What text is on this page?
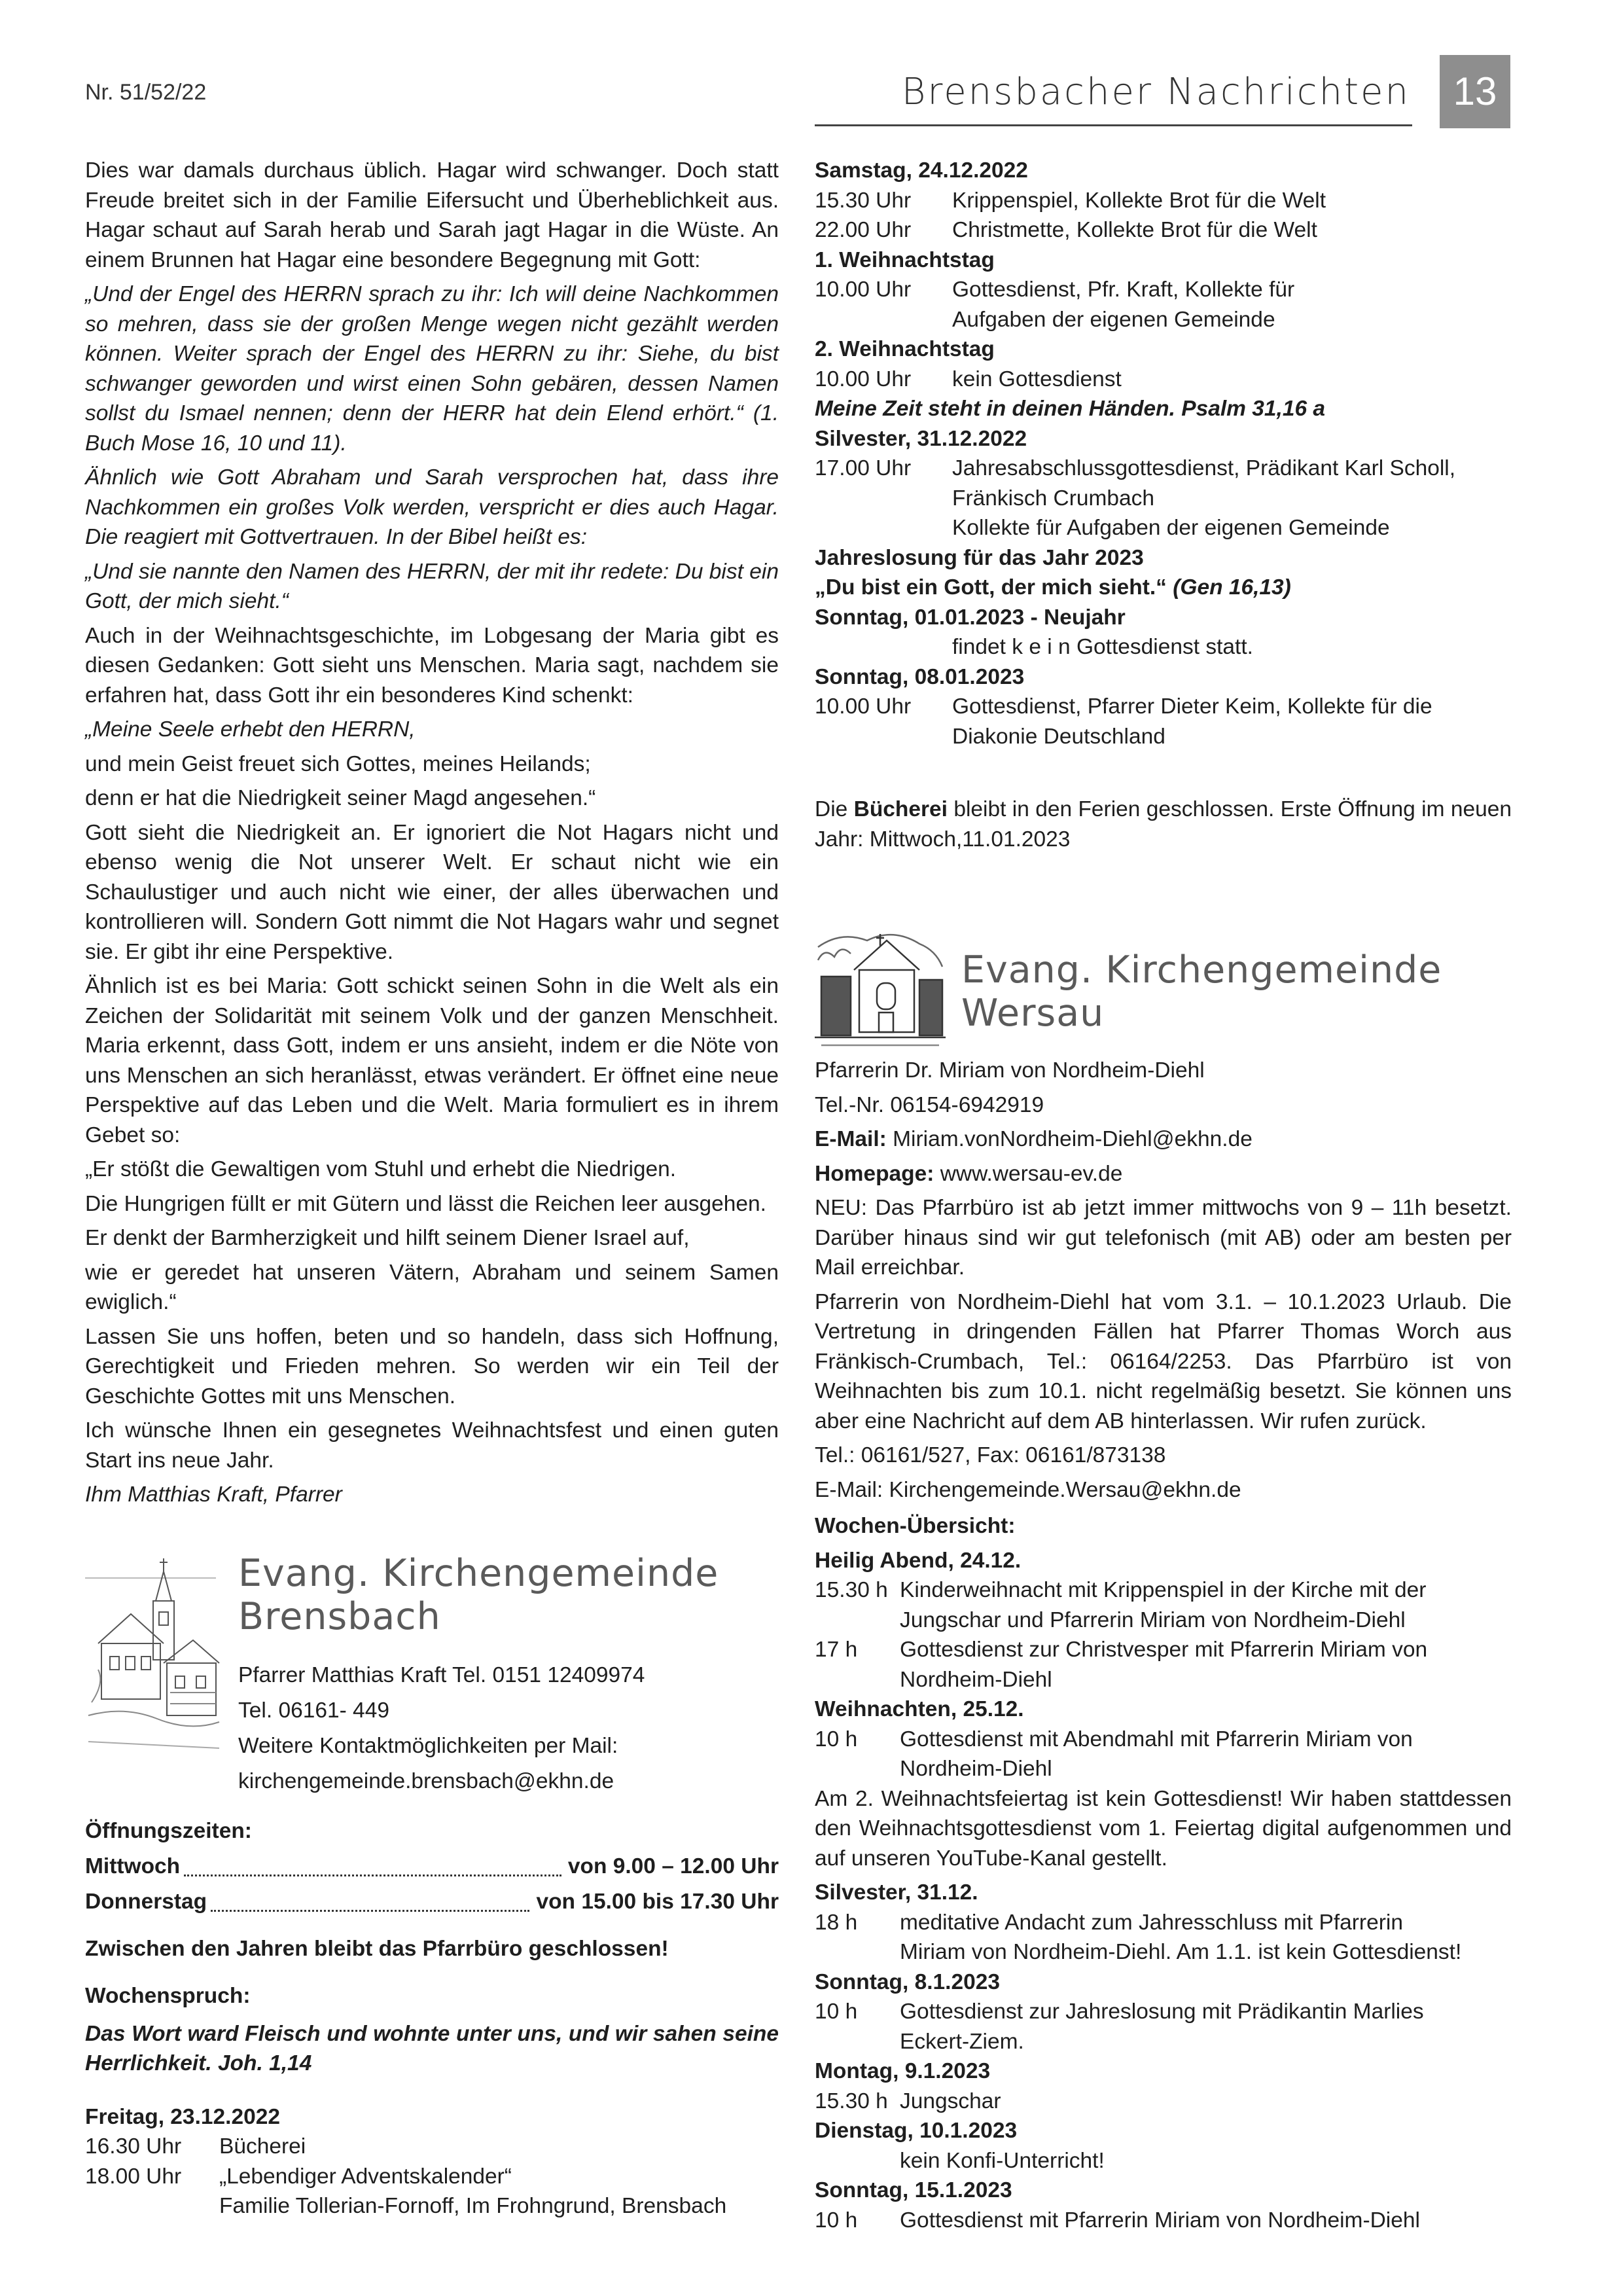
Nr. 51/52/22	Brensbacher Nachrichten	13

Dies war damals durchaus üblich. Hagar wird schwanger. Doch statt Freude breitet sich in der Familie Eifersucht und Überheblichkeit aus. Hagar schaut auf Sarah herab und Sarah jagt Hagar in die Wüste. An einem Brunnen hat Hagar eine besondere Begegnung mit Gott:

„Und der Engel des HERRN sprach zu ihr: Ich will deine Nachkommen so mehren, dass sie der großen Menge wegen nicht gezählt werden können. Weiter sprach der Engel des HERRN zu ihr: Siehe, du bist schwanger geworden und wirst einen Sohn gebären, dessen Namen sollst du Ismael nennen; denn der HERR hat dein Elend erhört.“ (1. Buch Mose 16, 10 und 11).

Ähnlich wie Gott Abraham und Sarah versprochen hat, dass ihre Nachkommen ein großes Volk werden, verspricht er dies auch Hagar. Die reagiert mit Gottvertrauen. In der Bibel heißt es:

„Und sie nannte den Namen des HERRN, der mit ihr redete: Du bist ein Gott, der mich sieht.“

Auch in der Weihnachtsgeschichte, im Lobgesang der Maria gibt es diesen Gedanken: Gott sieht uns Menschen. Maria sagt, nachdem sie erfahren hat, dass Gott ihr ein besonderes Kind schenkt:

„Meine Seele erhebt den HERRN,

und mein Geist freuet sich Gottes, meines Heilands;

denn er hat die Niedrigkeit seiner Magd angesehen.“

Gott sieht die Niedrigkeit an. Er ignoriert die Not Hagars nicht und ebenso wenig die Not unserer Welt. Er schaut nicht wie ein Schaulustiger und auch nicht wie einer, der alles überwachen und kontrollieren will. Sondern Gott nimmt die Not Hagars wahr und segnet sie. Er gibt ihr eine Perspektive.

Ähnlich ist es bei Maria: Gott schickt seinen Sohn in die Welt als ein Zeichen der Solidarität mit seinem Volk und der ganzen Menschheit. Maria erkennt, dass Gott, indem er uns ansieht, indem er die Nöte von uns Menschen an sich heranlässt, etwas verändert. Er öffnet eine neue Perspektive auf das Leben und die Welt. Maria formuliert es in ihrem Gebet so:

„Er stößt die Gewaltigen vom Stuhl und erhebt die Niedrigen.

Die Hungrigen füllt er mit Gütern und lässt die Reichen leer ausgehen.

Er denkt der Barmherzigkeit und hilft seinem Diener Israel auf,

wie er geredet hat unseren Vätern, Abraham und seinem Samen ewiglich.“

Lassen Sie uns hoffen, beten und so handeln, dass sich Hoffnung, Gerechtigkeit und Frieden mehren. So werden wir ein Teil der Geschichte Gottes mit uns Menschen.

Ich wünsche Ihnen ein gesegnetes Weihnachtsfest und einen guten Start ins neue Jahr.

Ihm Matthias Kraft, Pfarrer

Evang. Kirchengemeinde
Brensbach
Pfarrer Matthias Kraft Tel. 0151 12409974
Tel. 06161- 449
Weitere Kontaktmöglichkeiten per Mail:
kirchengemeinde.brensbach@ekhn.de
Öffnungszeiten:
Mittwoch	von 9.00 – 12.00 Uhr
Donnerstag	von 15.00 bis 17.30 Uhr
Zwischen den Jahren bleibt das Pfarrbüro geschlossen!
Wochenspruch:

Das Wort ward Fleisch und wohnte unter uns, und wir sahen seine Herrlichkeit. Joh. 1,14

Freitag, 23.12.2022
16.30 Uhr	Bücherei
18.00 Uhr	„Lebendiger Adventskalender“
Familie Tollerian-Fornoff, Im Frohngrund, Brensbach
Samstag, 24.12.2022
15.30 Uhr	Krippenspiel, Kollekte Brot für die Welt
22.00 Uhr	Christmette, Kollekte Brot für die Welt
1. Weihnachtstag
10.00 Uhr	Gottesdienst, Pfr. Kraft, Kollekte für
Aufgaben der eigenen Gemeinde
2. Weihnachtstag
10.00 Uhr	kein Gottesdienst
Meine Zeit steht in deinen Händen. Psalm 31,16 a
Silvester, 31.12.2022
17.00 Uhr	Jahresabschlussgottesdienst, Prädikant Karl Scholl,
Fränkisch Crumbach
Kollekte für Aufgaben der eigenen Gemeinde
Jahreslosung für das Jahr 2023
„Du bist ein Gott, der mich sieht.“ (Gen 16,13)
Sonntag, 01.01.2023 - Neujahr
findet k e i n Gottesdienst statt.
Sonntag, 08.01.2023
10.00 Uhr	Gottesdienst, Pfarrer Dieter Keim, Kollekte für die
Diakonie Deutschland

Die Bücherei bleibt in den Ferien geschlossen. Erste Öffnung im neuen Jahr: Mittwoch,11.01.2023

Evang. Kirchengemeinde
Wersau

Pfarrerin Dr. Miriam von Nordheim-Diehl

Tel.-Nr. 06154-6942919

E-Mail: Miriam.vonNordheim-Diehl@ekhn.de

Homepage: www.wersau-ev.de

NEU: Das Pfarrbüro ist ab jetzt immer mittwochs von 9 – 11h besetzt. Darüber hinaus sind wir gut telefonisch (mit AB) oder am besten per Mail erreichbar.

Pfarrerin von Nordheim-Diehl hat vom 3.1. – 10.1.2023 Urlaub. Die Vertretung in dringenden Fällen hat Pfarrer Thomas Worch aus Fränkisch-Crumbach, Tel.: 06164/2253. Das Pfarrbüro ist von Weihnachten bis zum 10.1. nicht regelmäßig besetzt. Sie können uns aber eine Nachricht auf dem AB hinterlassen. Wir rufen zurück.

Tel.: 06161/527, Fax: 06161/873138

E-Mail: Kirchengemeinde.Wersau@ekhn.de

Wochen-Übersicht:

Heilig Abend, 24.12.
15.30 h Kinderweihnacht mit Krippenspiel in der Kirche mit der
Jungschar und Pfarrerin Miriam von Nordheim-Diehl
17 h	Gottesdienst zur Christvesper mit Pfarrerin Miriam von
Nordheim-Diehl
Weihnachten, 25.12.
10 h	Gottesdienst mit Abendmahl mit Pfarrerin Miriam von
Nordheim-Diehl

Am 2. Weihnachtsfeiertag ist kein Gottesdienst! Wir haben stattdessen den Weihnachtsgottesdienst vom 1. Feiertag digital aufgenommen und auf unseren YouTube-Kanal gestellt.

Silvester, 31.12.
18 h	meditative Andacht zum Jahresschluss mit Pfarrerin
Miriam von Nordheim-Diehl. Am 1.1. ist kein Gottesdienst!
Sonntag, 8.1.2023
10 h	Gottesdienst zur Jahreslosung mit Prädikantin Marlies
Eckert-Ziem.
Montag, 9.1.2023
15.30 h Jungschar
Dienstag, 10.1.2023
kein Konfi-Unterricht!
Sonntag, 15.1.2023
10 h	Gottesdienst mit Pfarrerin Miriam von Nordheim-Diehl
